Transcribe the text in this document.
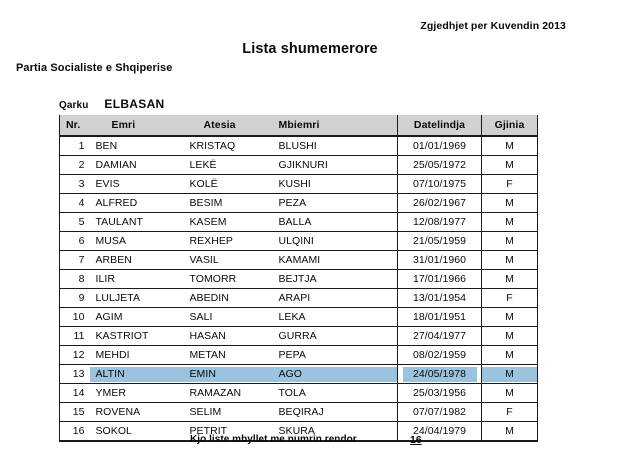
Zgjedhjet per Kuvendin 2013
Lista shumemerore
Partia Socialiste e Shqiperise
Qarku ELBASAN
Nr.	Emri	Atesia	Mbiemri	Datelindja	Gjinia
1	BEN	KRISTAQ	BLUSHI	01/01/1969	M
2	DAMIAN	LEKË	GJIKNURI	25/05/1972	M
3	EVIS	KOLË	KUSHI	07/10/1975	F
4	ALFRED	BESIM	PEZA	26/02/1967	M
5	TAULANT	KASEM	BALLA	12/08/1977	M
6	MUSA	REXHEP	ULQINI	21/05/1959	M
7	ARBEN	VASIL	KAMAMI	31/01/1960	M
8	ILIR	TOMORR	BEJTJA	17/01/1966	M
9	LULJETA	ABEDIN	ARAPI	13/01/1954	F
10	AGIM	SALI	LEKA	18/01/1951	M
11	KASTRIOT	HASAN	GURRA	27/04/1977	M
12	MEHDI	METAN	PEPA	08/02/1959	M
13	ALTIN	EMIN	AGO	24/05/1978	M

14	YMER	RAMAZAN	TOLA	25/03/1956	M
15	ROVENA	SELIM	BEQIRAJ	07/07/1982	F
16	SOKOL	PETRIT	SKURA	24/04/1979	M
Kjo liste mbyllet me numrin rendor	16
